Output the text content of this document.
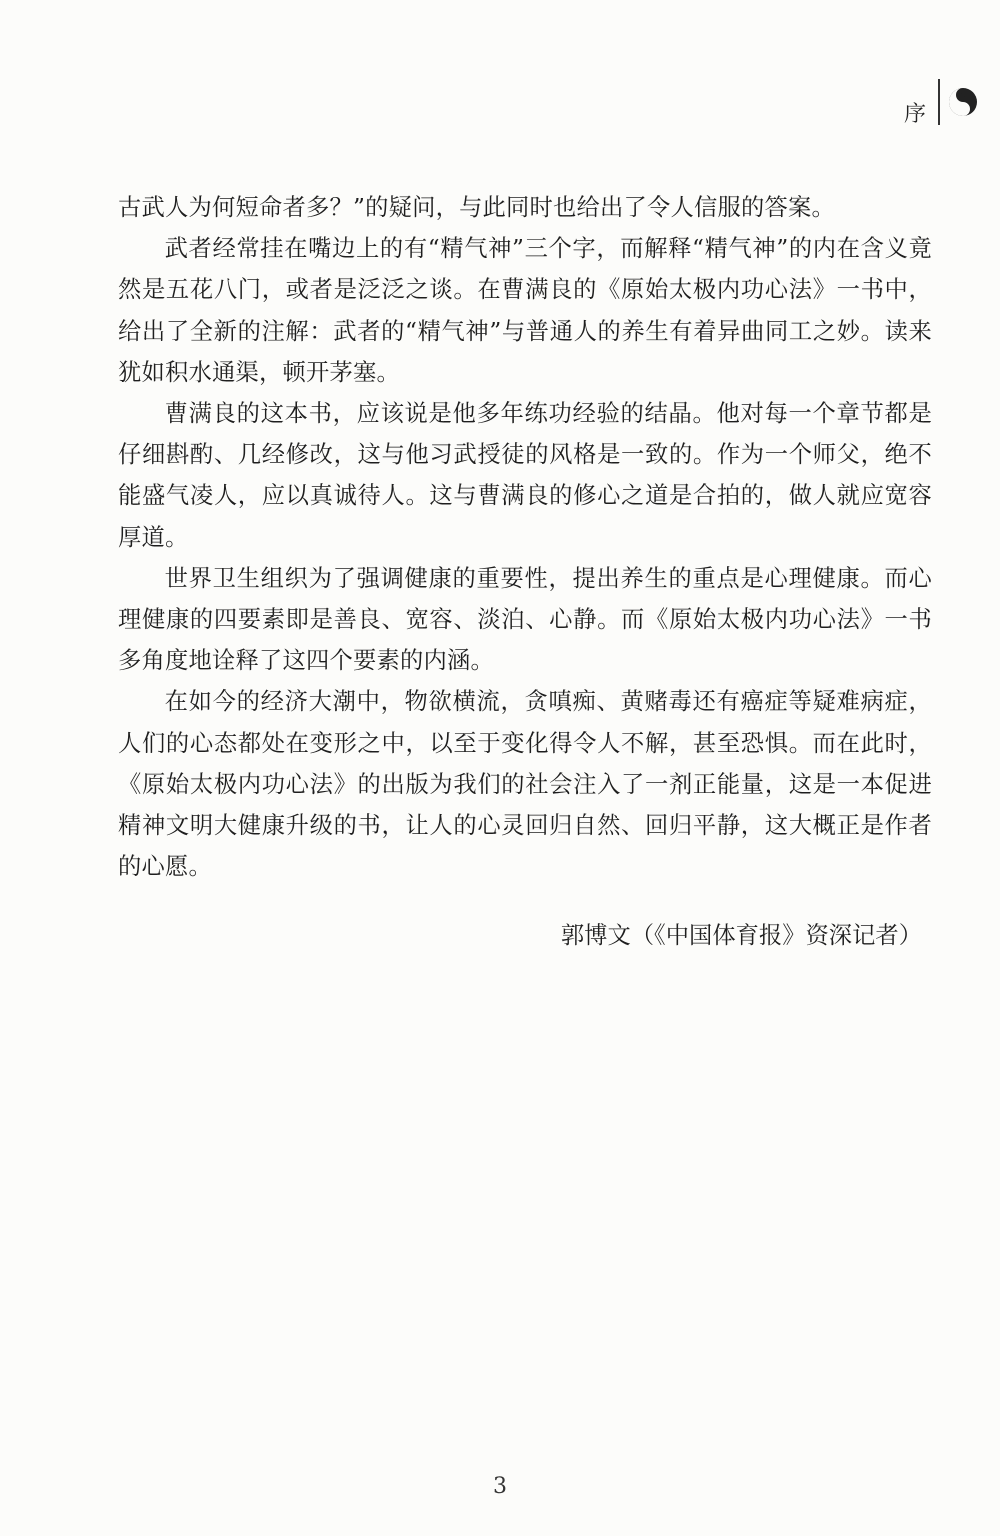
序

古武人为何短命者多？”的疑问，与此同时也给出了令人信服的答案。

武者经常挂在嘴边上的有“精气神”三个字，而解释“精气神”的内在含义竟然是五花八门，或者是泛泛之谈。在曹满良的《原始太极内功心法》一书中，给出了全新的注解：武者的“精气神”与普通人的养生有着异曲同工之妙。读来犹如积水通渠，顿开茅塞。

曹满良的这本书，应该说是他多年练功经验的结晶。他对每一个章节都是仔细斟酌、几经修改，这与他习武授徒的风格是一致的。作为一个师父，绝不能盛气凌人，应以真诚待人。这与曹满良的修心之道是合拍的，做人就应宽容厚道。

世界卫生组织为了强调健康的重要性，提出养生的重点是心理健康。而心理健康的四要素即是善良、宽容、淡泊、心静。而《原始太极内功心法》一书多角度地诠释了这四个要素的内涵。

在如今的经济大潮中，物欲横流，贪嗔痴、黄赌毒还有癌症等疑难病症，人们的心态都处在变形之中，以至于变化得令人不解，甚至恐惧。而在此时，《原始太极内功心法》的出版为我们的社会注入了一剂正能量，这是一本促进精神文明大健康升级的书，让人的心灵回归自然、回归平静，这大概正是作者的心愿。

郭博文（《中国体育报》资深记者）

3
